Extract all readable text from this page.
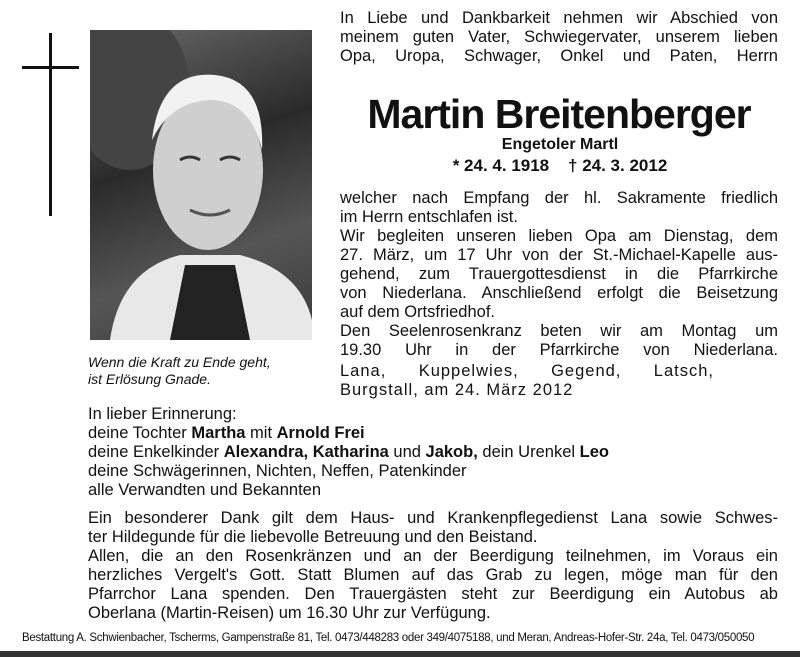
Wenn die Kraft zu Ende geht,
ist Erlösung Gnade.
In Liebe und Dankbarkeit nehmen wir Abschied von
meinem guten Vater, Schwiegervater, unserem lieben
Opa, Uropa, Schwager, Onkel und Paten, Herrn
Martin Breitenberger
Engetoler Martl
* 24. 4. 1918    † 24. 3. 2012
welcher nach Empfang der hl. Sakramente friedlich
im Herrn entschlafen ist.
Wir begleiten unseren lieben Opa am Dienstag, dem
27. März, um 17 Uhr von der St.-Michael-Kapelle aus-
gehend, zum Trauergottesdienst in die Pfarrkirche
von Niederlana. Anschließend erfolgt die Beisetzung
auf dem Ortsfriedhof.
Den Seelenrosenkranz beten wir am Montag um
19.30 Uhr in der Pfarrkirche von Niederlana.
Lana, Kuppelwies, Gegend, Latsch,
Burgstall, am 24. März 2012
In lieber Erinnerung:
deine Tochter Martha mit Arnold Frei
deine Enkelkinder Alexandra, Katharina und Jakob, dein Urenkel Leo
deine Schwägerinnen, Nichten, Neffen, Patenkinder
alle Verwandten und Bekannten
Ein besonderer Dank gilt dem Haus- und Krankenpflegedienst Lana sowie Schwes-
ter Hildegunde für die liebevolle Betreuung und den Beistand.
Allen, die an den Rosenkränzen und an der Beerdigung teilnehmen, im Voraus ein
herzliches Vergelt's Gott. Statt Blumen auf das Grab zu legen, möge man für den
Pfarrchor Lana spenden. Den Trauergästen steht zur Beerdigung ein Autobus ab
Oberlana (Martin-Reisen) um 16.30 Uhr zur Verfügung.
Bestattung A. Schwienbacher, Tscherms, Gampenstraße 81, Tel. 0473/448283 oder 349/4075188, und Meran, Andreas-Hofer-Str. 24a, Tel. 0473/050050
